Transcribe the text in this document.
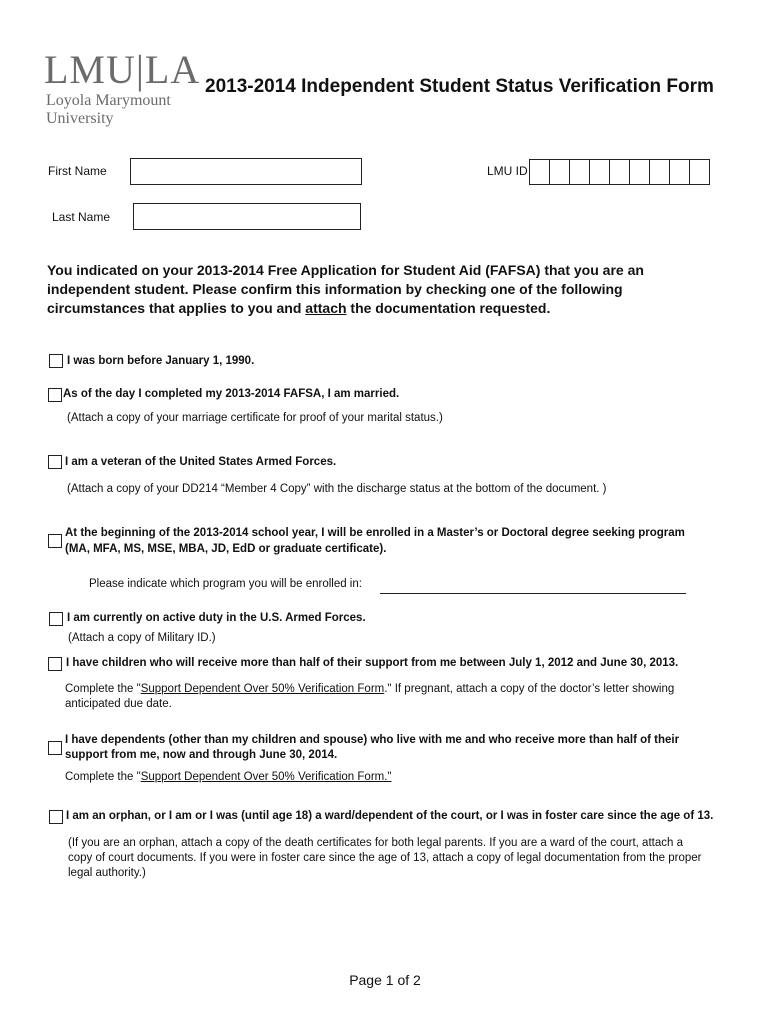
LMU|LA
Loyola Marymount
University
2013-2014 Independent Student Status Verification Form
First Name	LMU ID
Last Name
You indicated on your 2013-2014 Free Application for Student Aid (FAFSA) that you are an independent student. Please confirm this information by checking one of the following circumstances that applies to you and attach the documentation requested.
I was born before January 1, 1990.
As of the day I completed my 2013-2014 FAFSA, I am married.
(Attach a copy of your marriage certificate for proof of your marital status.)
I am a veteran of the United States Armed Forces.
(Attach a copy of your DD214 “Member 4 Copy” with the discharge status at the bottom of the document. )
At the beginning of the 2013-2014 school year, I will be enrolled in a Master’s or Doctoral degree seeking program
(MA, MFA, MS, MSE, MBA, JD, EdD or graduate certificate).
Please indicate which program you will be enrolled in:
I am currently on active duty in the U.S. Armed Forces.
(Attach a copy of Military ID.)
I have children who will receive more than half of their support from me between July 1, 2012 and June 30, 2013.
Complete the "Support Dependent Over 50% Verification Form." If pregnant, attach a copy of the doctor’s letter showing
anticipated due date.
I have dependents (other than my children and spouse) who live with me and who receive more than half of their
support from me, now and through June 30, 2014.
Complete the "Support Dependent Over 50% Verification Form."
I am an orphan, or I am or I was (until age 18) a ward/dependent of the court, or I was in foster care since the age of 13.
(If you are an orphan, attach a copy of the death certificates for both legal parents. If you are a ward of the court, attach a
copy of court documents. If you were in foster care since the age of 13, attach a copy of legal documentation from the proper
legal authority.)
Page 1 of 2
